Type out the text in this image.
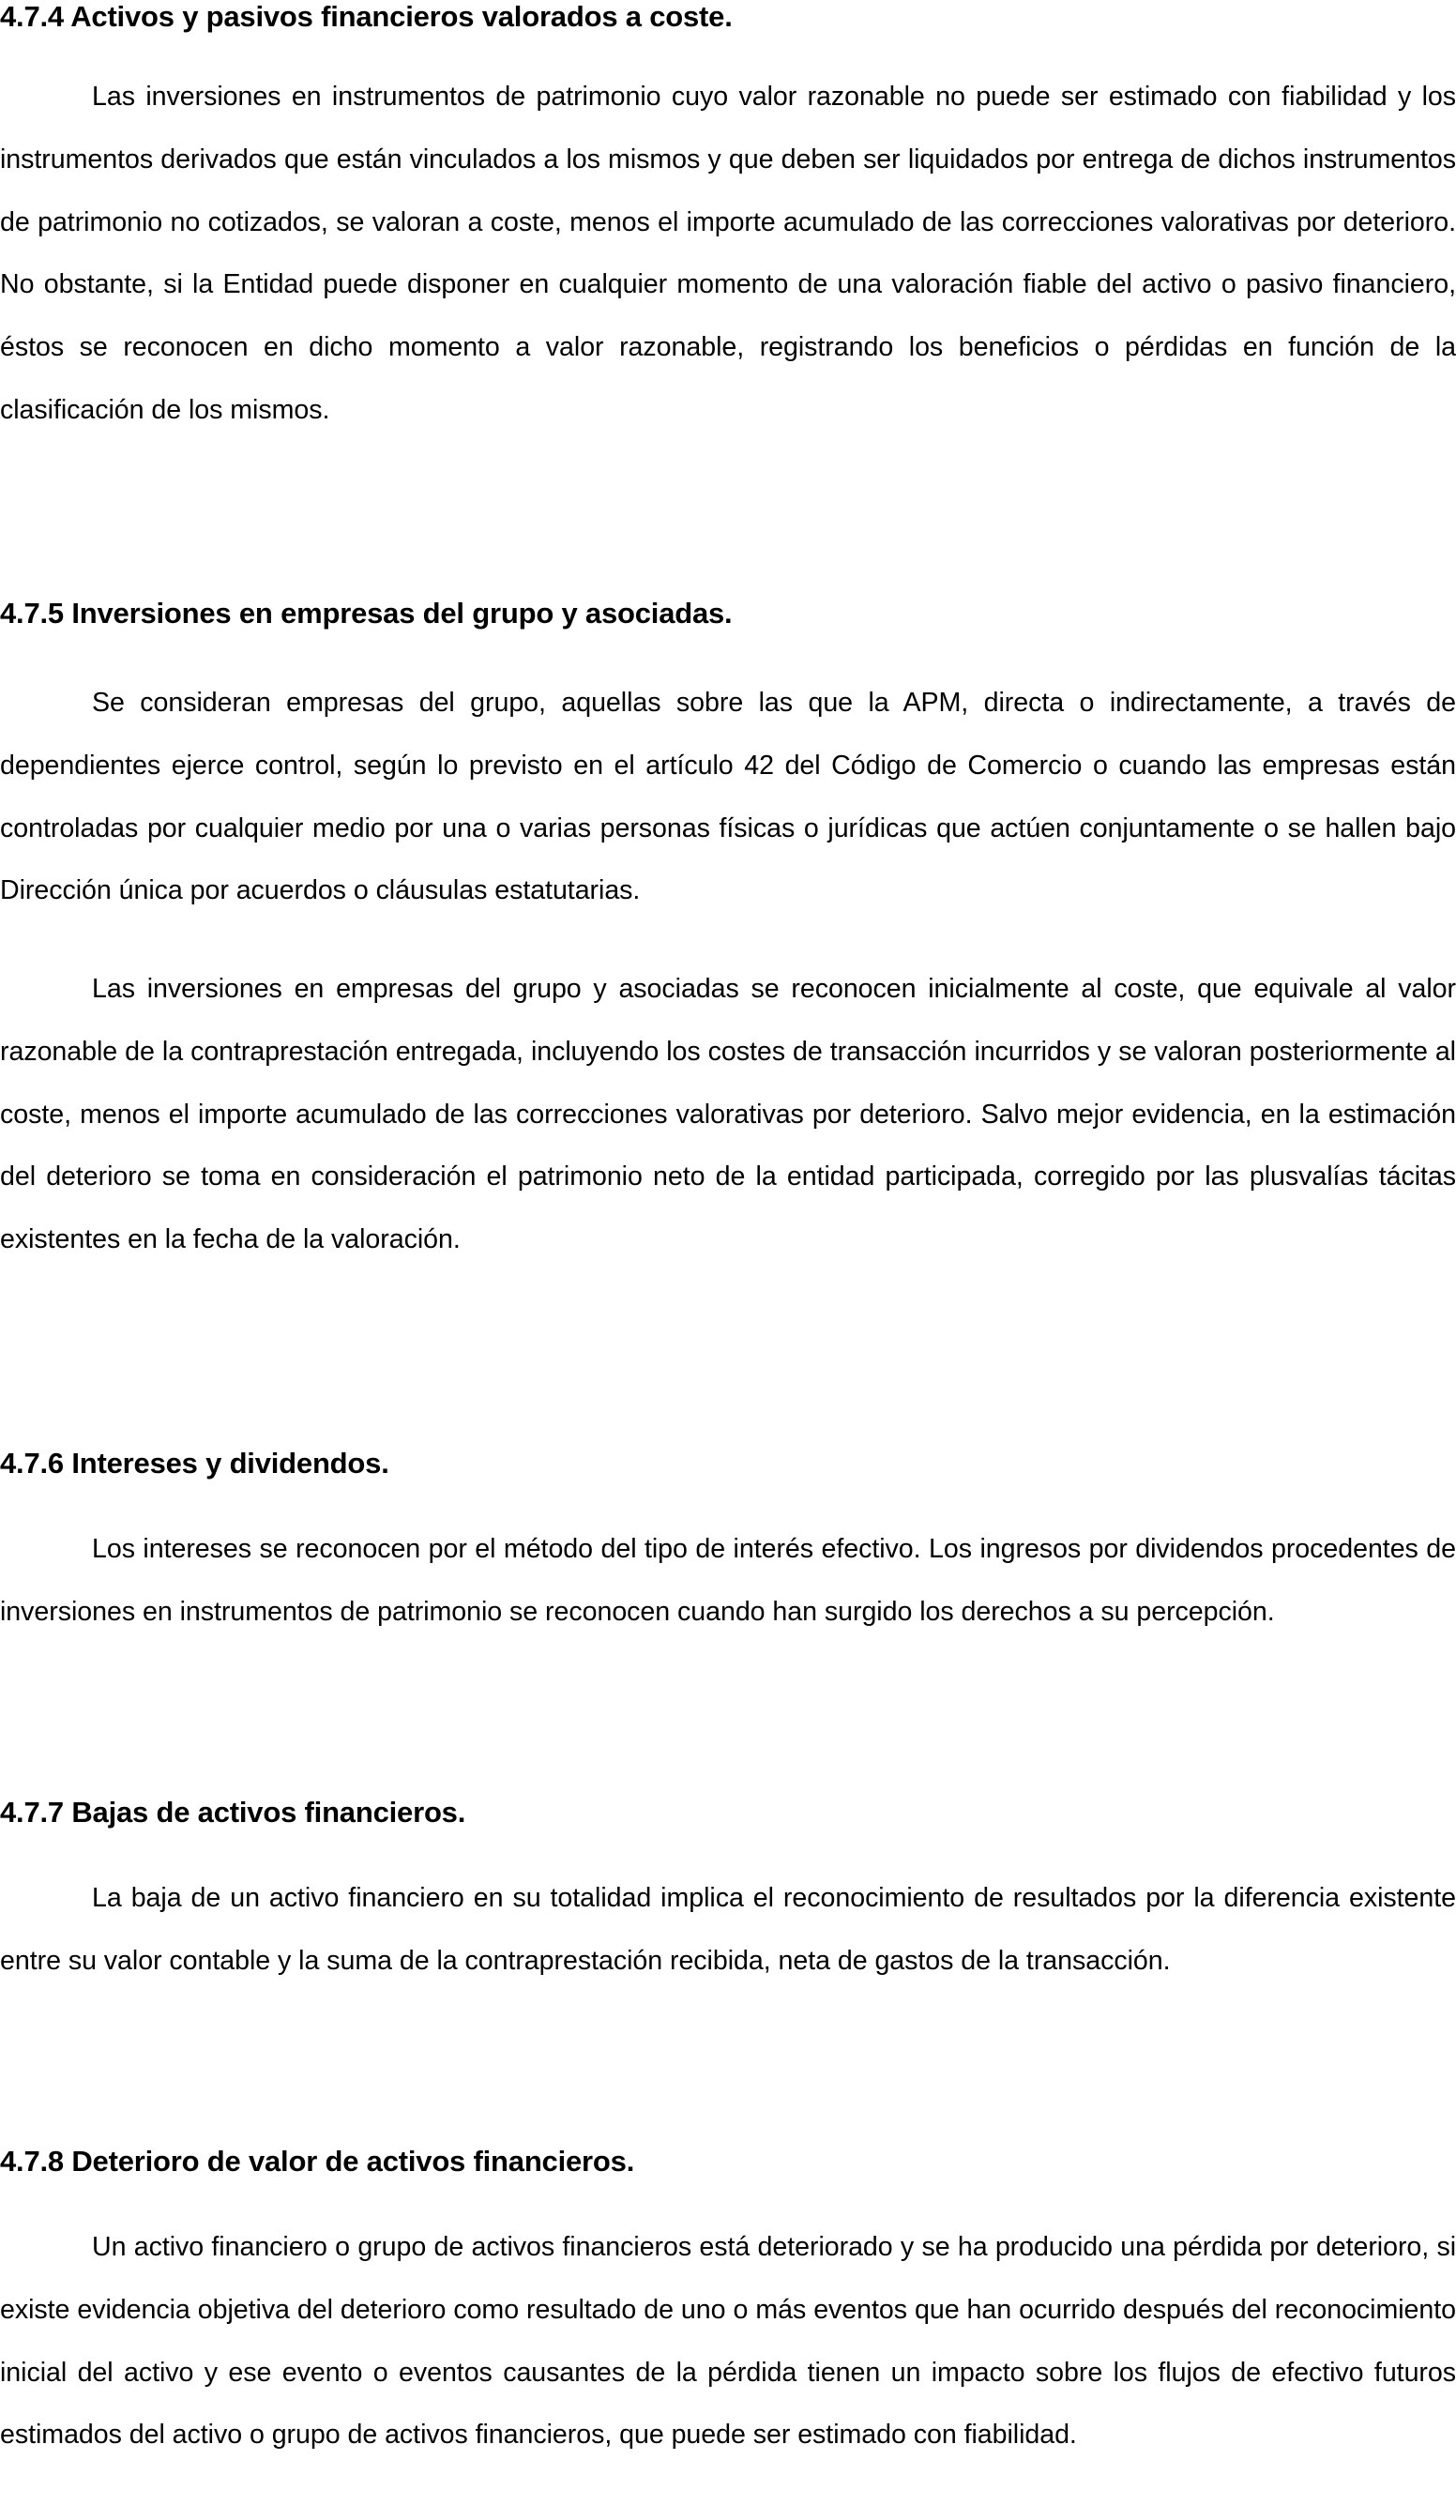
4.7.4 Activos y pasivos financieros valorados a coste.

Las inversiones en instrumentos de patrimonio cuyo valor razonable no puede ser estimado con fiabilidad y los instrumentos derivados que están vinculados a los mismos y que deben ser liquidados por entrega de dichos instrumentos de patrimonio no cotizados, se valoran a coste, menos el importe acumulado de las correcciones valorativas por deterioro. No obstante, si la Entidad puede disponer en cualquier momento de una valoración fiable del activo o pasivo financiero, éstos se reconocen en dicho momento a valor razonable, registrando los beneficios o pérdidas en función de la clasificación de los mismos.

4.7.5 Inversiones en empresas del grupo y asociadas.

Se consideran empresas del grupo, aquellas sobre las que la APM, directa o indirectamente, a través de dependientes ejerce control, según lo previsto en el artículo 42 del Código de Comercio o cuando las empresas están controladas por cualquier medio por una o varias personas físicas o jurídicas que actúen conjuntamente o se hallen bajo Dirección única por acuerdos o cláusulas estatutarias.

Las inversiones en empresas del grupo y asociadas se reconocen inicialmente al coste, que equivale al valor razonable de la contraprestación entregada, incluyendo los costes de transacción incurridos y se valoran posteriormente al coste, menos el importe acumulado de las correcciones valorativas por deterioro. Salvo mejor evidencia, en la estimación del deterioro se toma en consideración el patrimonio neto de la entidad participada, corregido por las plusvalías tácitas existentes en la fecha de la valoración.

4.7.6 Intereses y dividendos.

Los intereses se reconocen por el método del tipo de interés efectivo. Los ingresos por dividendos procedentes de inversiones en instrumentos de patrimonio se reconocen cuando han surgido los derechos a su percepción.

4.7.7 Bajas de activos financieros.

La baja de un activo financiero en su totalidad implica el reconocimiento de resultados por la diferencia existente entre su valor contable y la suma de la contraprestación recibida, neta de gastos de la transacción.

4.7.8 Deterioro de valor de activos financieros.

Un activo financiero o grupo de activos financieros está deteriorado y se ha producido una pérdida por deterioro, si existe evidencia objetiva del deterioro como resultado de uno o más eventos que han ocurrido después del reconocimiento inicial del activo y ese evento o eventos causantes de la pérdida tienen un impacto sobre los flujos de efectivo futuros estimados del activo o grupo de activos financieros, que puede ser estimado con fiabilidad.
